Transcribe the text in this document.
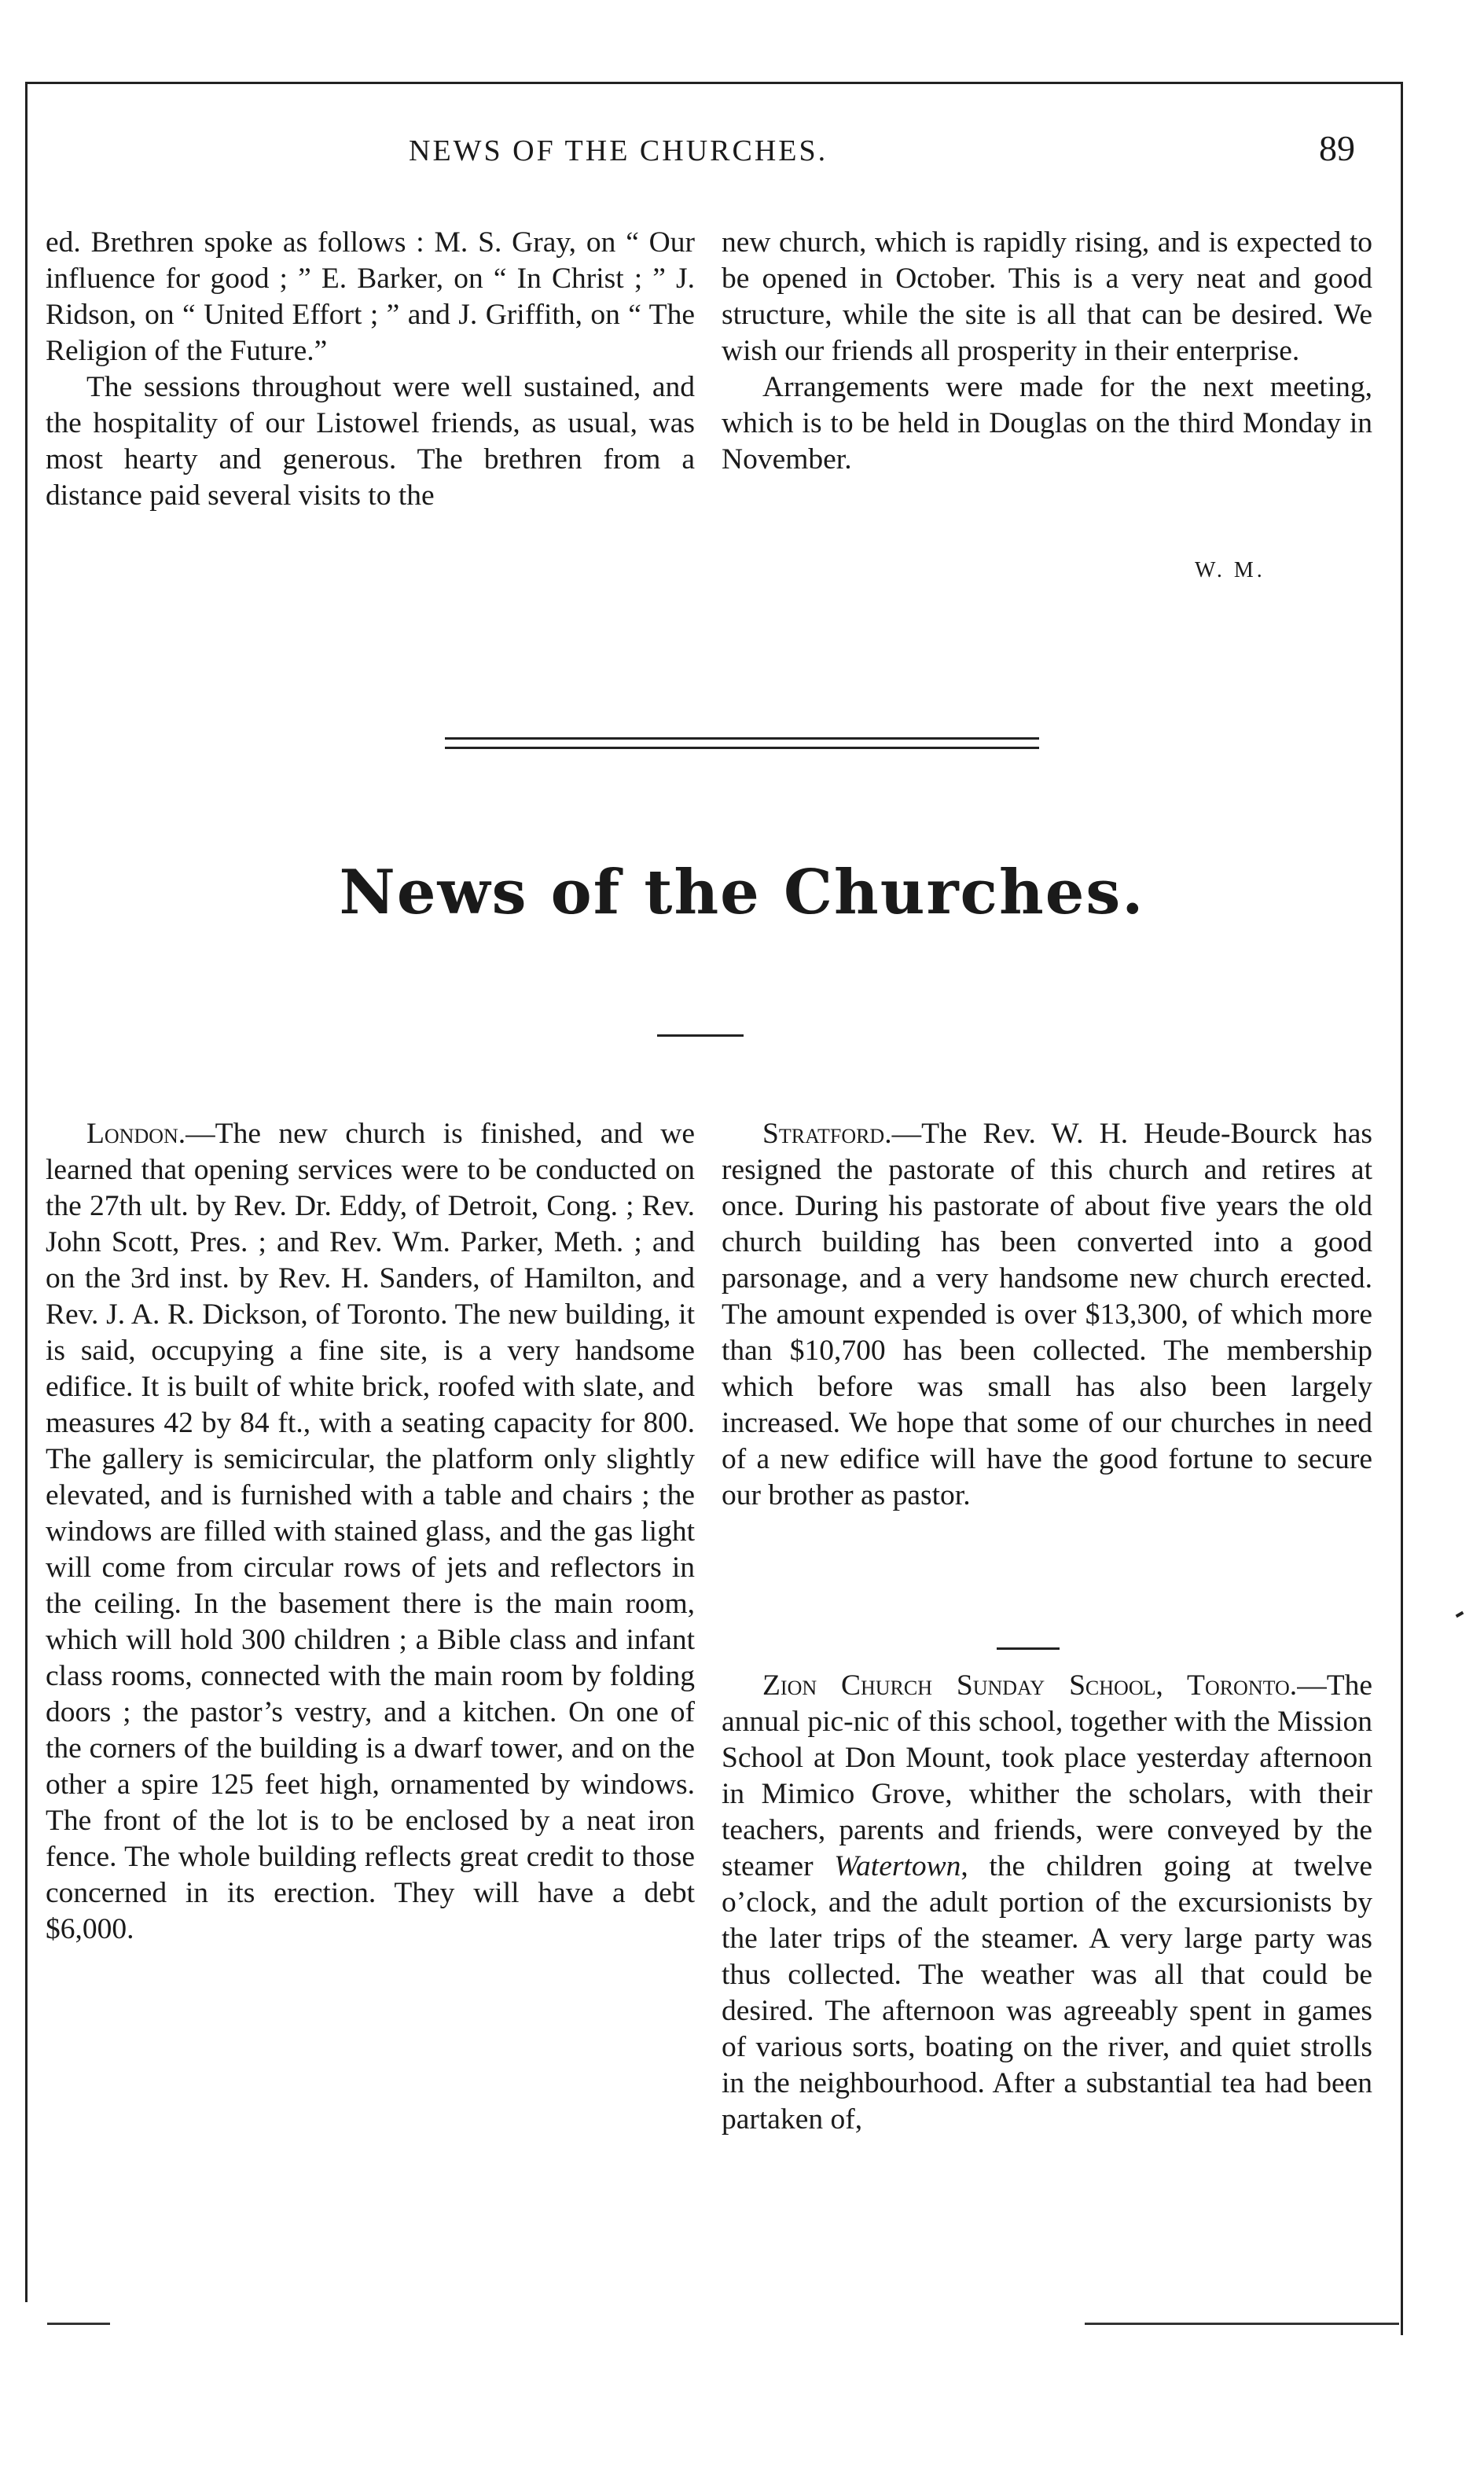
NEWS OF THE CHURCHES.	89

ed. Brethren spoke as follows : M. S. Gray, on “ Our influence for good ; ” E. Barker, on “ In Christ ; ” J. Ridson, on “ United Effort ; ” and J. Griffith, on “ The Religion of the Future.”

The sessions throughout were well sustained, and the hospitality of our Listowel friends, as usual, was most hearty and generous. The brethren from a distance paid several visits to the

new church, which is rapidly rising, and is expected to be opened in October. This is a very neat and good structure, while the site is all that can be desired. We wish our friends all prosperity in their enterprise.

Arrangements were made for the next meeting, which is to be held in Douglas on the third Monday in November.

W. M.
News of the Churches.

London.—The new church is finished, and we learned that opening services were to be conducted on the 27th ult. by Rev. Dr. Eddy, of Detroit, Cong. ; Rev. John Scott, Pres. ; and Rev. Wm. Parker, Meth. ; and on the 3rd inst. by Rev. H. Sanders, of Hamilton, and Rev. J. A. R. Dickson, of Toronto. The new building, it is said, occupying a fine site, is a very handsome edifice. It is built of white brick, roofed with slate, and measures 42 by 84 ft., with a seating capacity for 800. The gallery is semicircular, the platform only slightly elevated, and is furnished with a table and chairs ; the windows are filled with stained glass, and the gas light will come from circular rows of jets and reflectors in the ceiling. In the basement there is the main room, which will hold 300 children ; a Bible class and infant class rooms, connected with the main room by folding doors ; the pastor’s vestry, and a kitchen. On one of the corners of the building is a dwarf tower, and on the other a spire 125 feet high, ornamented by windows. The front of the lot is to be enclosed by a neat iron fence. The whole building reflects great credit to those concerned in its erection. They will have a debt $6,000.

Stratford.—The Rev. W. H. Heude-Bourck has resigned the pastorate of this church and retires at once. During his pastorate of about five years the old church building has been converted into a good parsonage, and a very handsome new church erected. The amount expended is over $13,300, of which more than $10,700 has been collected. The membership which before was small has also been largely increased. We hope that some of our churches in need of a new edifice will have the good fortune to secure our brother as pastor.

Zion Church Sunday School, Toronto.—The annual pic-nic of this school, together with the Mission School at Don Mount, took place yesterday afternoon in Mimico Grove, whither the scholars, with their teachers, parents and friends, were conveyed by the steamer Watertown, the children going at twelve o’clock, and the adult portion of the excursionists by the later trips of the steamer. A very large party was thus collected. The weather was all that could be desired. The afternoon was agreeably spent in games of various sorts, boating on the river, and quiet strolls in the neighbourhood. After a substantial tea had been partaken of,
